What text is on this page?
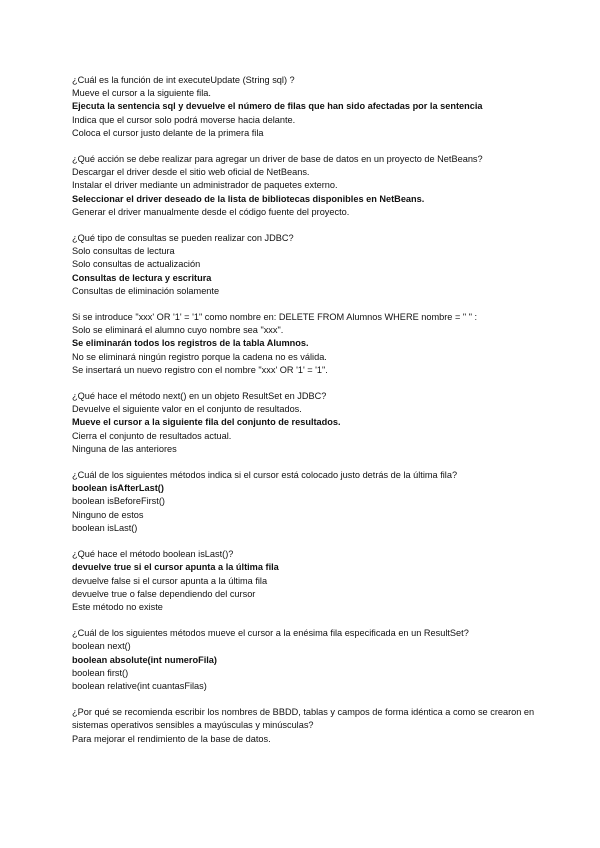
¿Cuál es la función de int executeUpdate (String sql) ?
Mueve el cursor a la siguiente fila.
Ejecuta la sentencia sql y devuelve el número de filas que han sido afectadas por la sentencia
Indica que el cursor solo podrá moverse hacia delante.
Coloca el cursor justo delante de la primera fila
¿Qué acción se debe realizar para agregar un driver de base de datos en un proyecto de NetBeans?
Descargar el driver desde el sitio web oficial de NetBeans.
Instalar el driver mediante un administrador de paquetes externo.
Seleccionar el driver deseado de la lista de bibliotecas disponibles en NetBeans.
Generar el driver manualmente desde el código fuente del proyecto.
¿Qué tipo de consultas se pueden realizar con JDBC?
Solo consultas de lectura
Solo consultas de actualización
Consultas de lectura y escritura
Consultas de eliminación solamente
Si se introduce "xxx' OR '1' = '1" como nombre en: DELETE FROM Alumnos WHERE nombre = " " :
Solo se eliminará el alumno cuyo nombre sea "xxx".
Se eliminarán todos los registros de la tabla Alumnos.
No se eliminará ningún registro porque la cadena no es válida.
Se insertará un nuevo registro con el nombre "xxx' OR '1' = '1".
¿Qué hace el método next() en un objeto ResultSet en JDBC?
Devuelve el siguiente valor en el conjunto de resultados.
Mueve el cursor a la siguiente fila del conjunto de resultados.
Cierra el conjunto de resultados actual.
Ninguna de las anteriores
¿Cuál de los siguientes métodos indica si el cursor está colocado justo detrás de la última fila?
boolean isAfterLast()
boolean isBeforeFirst()
Ninguno de estos
boolean isLast()
¿Qué hace el método boolean isLast()?
devuelve true si el cursor apunta a la última fila
devuelve false si el cursor apunta a la última fila
devuelve true o false dependiendo del cursor
Este método no existe
¿Cuál de los siguientes métodos mueve el cursor a la enésima fila especificada en un ResultSet?
boolean next()
boolean absolute(int numeroFila)
boolean first()
boolean relative(int cuantasFilas)
¿Por qué se recomienda escribir los nombres de BBDD, tablas y campos de forma idéntica a como se crearon en sistemas operativos sensibles a mayúsculas y minúsculas?
Para mejorar el rendimiento de la base de datos.
